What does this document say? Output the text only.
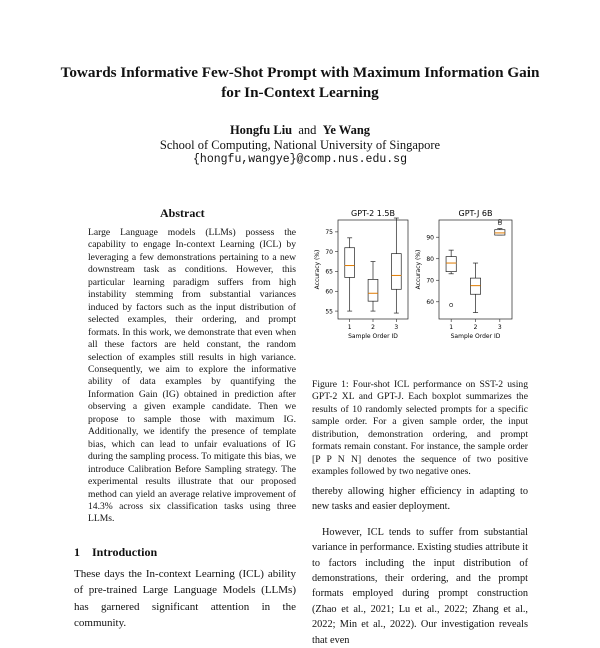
Towards Informative Few-Shot Prompt with Maximum Information Gain
for In-Context Learning
Hongfu Liu and Ye Wang
School of Computing, National University of Singapore
{hongfu,wangye}@comp.nus.edu.sg
Abstract

Large Language models (LLMs) possess the capability to engage In-context Learning (ICL) by leveraging a few demonstrations pertaining to a new downstream task as conditions. However, this particular learning paradigm suffers from high instability stemming from substantial variances induced by factors such as the input distribution of selected examples, their ordering, and prompt formats. In this work, we demonstrate that even when all these factors are held constant, the random selection of examples still results in high variance. Consequently, we aim to explore the informative ability of data examples by quantifying the Information Gain (IG) obtained in prediction after observing a given example candidate. Then we propose to sample those with maximum IG. Additionally, we identify the presence of template bias, which can lead to unfair evaluations of IG during the sampling process. To mitigate this bias, we introduce Calibration Before Sampling strategy. The experimental results illustrate that our proposed method can yield an average relative improvement of 14.3% across six classification tasks using three LLMs.

1 Introduction

These days the In-context Learning (ICL) ability of pre-trained Large Language Models (LLMs) has garnered significant attention in the community.

GPT-2 1.5B
55
60
65
70
75
Accuracy (%)
1	2	3
Sample Order ID
GPT-J 6B
60
70
80
90
Accuracy (%)
1	2	3
Sample Order ID

Figure 1: Four-shot ICL performance on SST-2 using GPT-2 XL and GPT-J. Each boxplot summarizes the results of 10 randomly selected prompts for a specific sample order. For a given sample order, the input distribution, demonstration ordering, and prompt formats remain constant. For instance, the sample order [P P N N] denotes the sequence of two positive examples followed by two negative ones.

thereby allowing higher efficiency in adapting to new tasks and easier deployment.

However, ICL tends to suffer from substantial variance in performance. Existing studies attribute it to factors including the input distribution of demonstrations, their ordering, and the prompt formats employed during prompt construction (Zhao et al., 2021; Lu et al., 2022; Zhang et al., 2022; Min et al., 2022). Our investigation reveals that even
